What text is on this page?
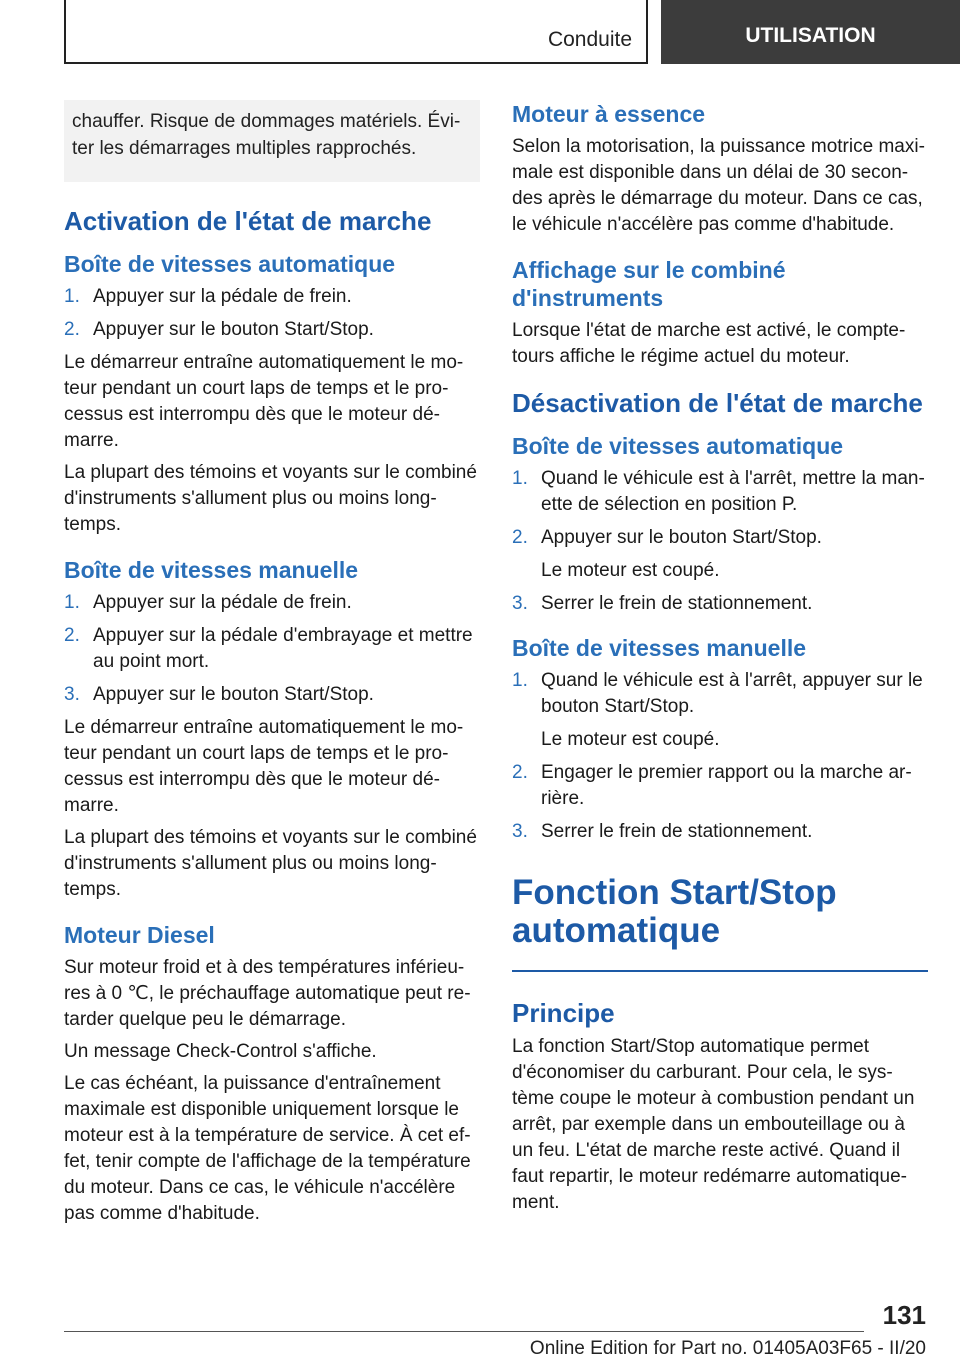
Conduite	UTILISATION
chauffer. Risque de dommages matériels. Évi- ter les démarrages multiples rapprochés.
Activation de l'état de marche
Boîte de vitesses automatique
1. Appuyer sur la pédale de frein.
2. Appuyer sur le bouton Start/Stop.

Le démarreur entraîne automatiquement le mo- teur pendant un court laps de temps et le pro- cessus est interrompu dès que le moteur dé- marre.

La plupart des témoins et voyants sur le combiné d'instruments s'allument plus ou moins long- temps.

Boîte de vitesses manuelle
1. Appuyer sur la pédale de frein.
2. Appuyer sur la pédale d'embrayage et mettre au point mort.
3. Appuyer sur le bouton Start/Stop.

Le démarreur entraîne automatiquement le mo- teur pendant un court laps de temps et le pro- cessus est interrompu dès que le moteur dé- marre.

La plupart des témoins et voyants sur le combiné d'instruments s'allument plus ou moins long- temps.

Moteur Diesel

Sur moteur froid et à des températures inférieu- res à 0 ℃, le préchauffage automatique peut re- tarder quelque peu le démarrage.

Un message Check-Control s'affiche.

Le cas échéant, la puissance d'entraînement maximale est disponible uniquement lorsque le moteur est à la température de service. À cet ef- fet, tenir compte de l'affichage de la température du moteur. Dans ce cas, le véhicule n'accélère pas comme d'habitude.

Moteur à essence

Selon la motorisation, la puissance motrice maxi- male est disponible dans un délai de 30 secon- des après le démarrage du moteur. Dans ce cas, le véhicule n'accélère pas comme d'habitude.

Affichage sur le combiné d'instruments

Lorsque l'état de marche est activé, le compte- tours affiche le régime actuel du moteur.

Désactivation de l'état de marche
Boîte de vitesses automatique
1. Quand le véhicule est à l'arrêt, mettre la man- ette de sélection en position P.
2. Appuyer sur le bouton Start/Stop.
Le moteur est coupé.
3. Serrer le frein de stationnement.
Boîte de vitesses manuelle
1. Quand le véhicule est à l'arrêt, appuyer sur le bouton Start/Stop.
Le moteur est coupé.
2. Engager le premier rapport ou la marche ar- rière.
3. Serrer le frein de stationnement.
Fonction Start/Stop automatique
Principe

La fonction Start/Stop automatique permet d'économiser du carburant. Pour cela, le sys- tème coupe le moteur à combustion pendant un arrêt, par exemple dans un embouteillage ou à un feu. L'état de marche reste activé. Quand il faut repartir, le moteur redémarre automatique- ment.

131
Online Edition for Part no. 01405A03F65 - II/20
